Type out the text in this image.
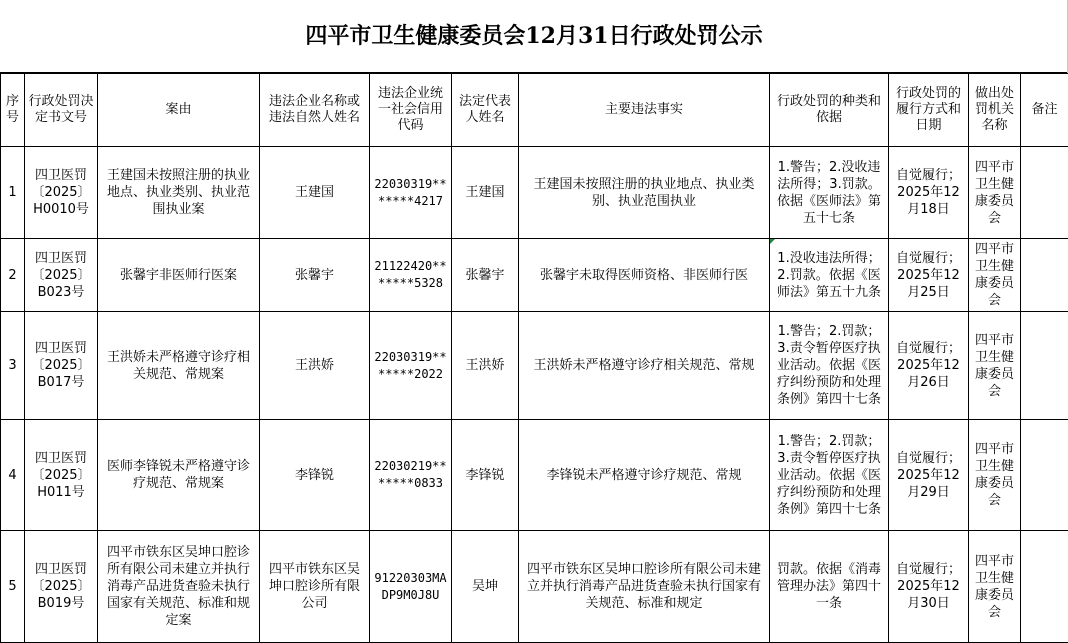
四平市卫生健康委员会12月31日行政处罚公示
序号	行政处罚决定书文号	案由	违法企业名称或违法自然人姓名	违法企业统一社会信用代码	法定代表人姓名	主要违法事实	行政处罚的种类和依据	行政处罚的履行方式和日期	做出处罚机关名称	备注
1	四卫医罚〔2025〕H0010号	王建国未按照注册的执业地点、执业类别、执业范围执业案	王建国	22030319*******4217	王建国	王建国未按照注册的执业地点、执业类别、执业范围执业	1.警告；2.没收违法所得；3.罚款。依据《医师法》第五十七条	自觉履行；2025年12月18日	四平市卫生健康委员会	
2	四卫医罚〔2025〕B023号	张馨宇非医师行医案	张馨宇	21122420*******5328	张馨宇	张馨宇未取得医师资格、非医师行医	1.没收违法所得；2.罚款。依据《医师法》第五十九条	自觉履行；2025年12月25日	四平市卫生健康委员会	
3	四卫医罚〔2025〕B017号	王洪娇未严格遵守诊疗相关规范、常规案	王洪娇	22030319*******2022	王洪娇	王洪娇未严格遵守诊疗相关规范、常规	1.警告；2.罚款；3.责令暂停医疗执业活动。依据《医疗纠纷预防和处理条例》第四十七条	自觉履行；2025年12月26日	四平市卫生健康委员会	
4	四卫医罚〔2025〕H011号	医师李锋锐未严格遵守诊疗规范、常规案	李锋锐	22030219*******0833	李锋锐	李锋锐未严格遵守诊疗规范、常规	1.警告；2.罚款；3.责令暂停医疗执业活动。依据《医疗纠纷预防和处理条例》第四十七条	自觉履行；2025年12月29日	四平市卫生健康委员会	
5	四卫医罚〔2025〕B019号	四平市铁东区吴坤口腔诊所有限公司未建立并执行消毒产品进货查验未执行国家有关规范、标准和规定案	四平市铁东区吴坤口腔诊所有限公司	91220303MADP9M0J8U	吴坤	四平市铁东区吴坤口腔诊所有限公司未建立并执行消毒产品进货查验未执行国家有关规范、标准和规定	罚款。依据《消毒管理办法》第四十一条	自觉履行；2025年12月30日	四平市卫生健康委员会	
